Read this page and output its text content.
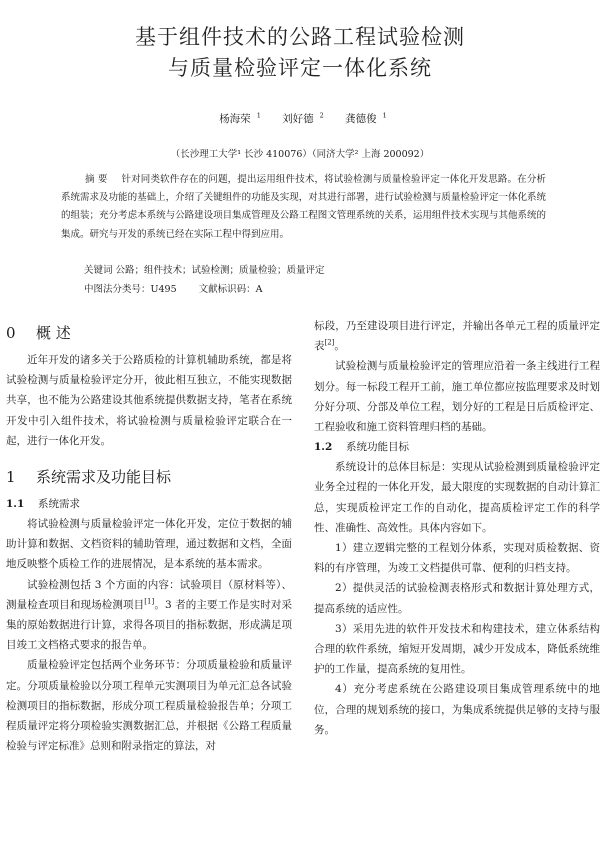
基于组件技术的公路工程试验检测
与质量检验评定一体化系统
杨海荣 $^1$ 刘好德 $^2$ 龚德俊 $^1$
（长沙理工大学¹ 长沙 410076）（同济大学² 上海 200092）
摘 要 针对同类软件存在的问题，提出运用组件技术，将试验检测与质量检验评定一体化开发思路。在分析系统需求及功能的基础上，介绍了关键组件的功能及实现，对其进行部署，进行试验检测与质量检验评定一体化系统的组装；充分考虑本系统与公路建设项目集成管理及公路工程图文管理系统的关系，运用组件技术实现与其他系统的集成。研究与开发的系统已经在实际工程中得到应用。
关键词 公路；组件技术；试验检测；质量检验；质量评定
中图法分类号：U495 文献标识码：A
0 概 述

近年开发的诸多关于公路质检的计算机辅助系统，都是将试验检测与质量检验评定分开，彼此相互独立，不能实现数据共享，也不能为公路建设其他系统提供数据支持，笔者在系统开发中引入组件技术，将试验检测与质量检验评定联合在一起，进行一体化开发。

1 系统需求及功能目标
1.1 系统需求

将试验检测与质量检验评定一体化开发，定位于数据的辅助计算和数据、文档资料的辅助管理，通过数据和文档，全面地反映整个质检工作的进展情况，是本系统的基本需求。

试验检测包括 3 个方面的内容：试验项目（原材料等）、测量检查项目和现场检测项目[1]。3 者的主要工作是实时对采集的原始数据进行计算，求得各项目的指标数据，形成满足项目竣工文档格式要求的报告单。

质量检验评定包括两个业务环节：分项质量检验和质量评定。分项质量检验以分项工程单元实测项目为单元汇总各试验检测项目的指标数据，形成分项工程质量检验报告单；分项工程质量评定将分项检验实测数据汇总，并根据《公路工程质量检验与评定标准》总则和附录指定的算法，对

标段，乃至建设项目进行评定，并输出各单元工程的质量评定表[2]。

试验检测与质量检验评定的管理应沿着一条主线进行工程划分。每一标段工程开工前，施工单位都应按监理要求及时划分好分项、分部及单位工程，划分好的工程是日后质检评定、工程验收和施工资料管理归档的基础。

1.2 系统功能目标

系统设计的总体目标是：实现从试验检测到质量检验评定业务全过程的一体化开发，最大限度的实现数据的自动计算汇总，实现质检评定工作的自动化，提高质检评定工作的科学性、准确性、高效性。具体内容如下。

1）建立逻辑完整的工程划分体系，实现对质检数据、资料的有序管理，为竣工文档提供可靠、便利的归档支持。

2）提供灵活的试验检测表格形式和数据计算处理方式，提高系统的适应性。

3）采用先进的软件开发技术和构建技术，建立体系结构合理的软件系统，缩短开发周期，减少开发成本，降低系统维护的工作量，提高系统的复用性。

4）充分考虑系统在公路建设项目集成管理系统中的地位，合理的规划系统的接口，为集成系统提供足够的支持与服务。
